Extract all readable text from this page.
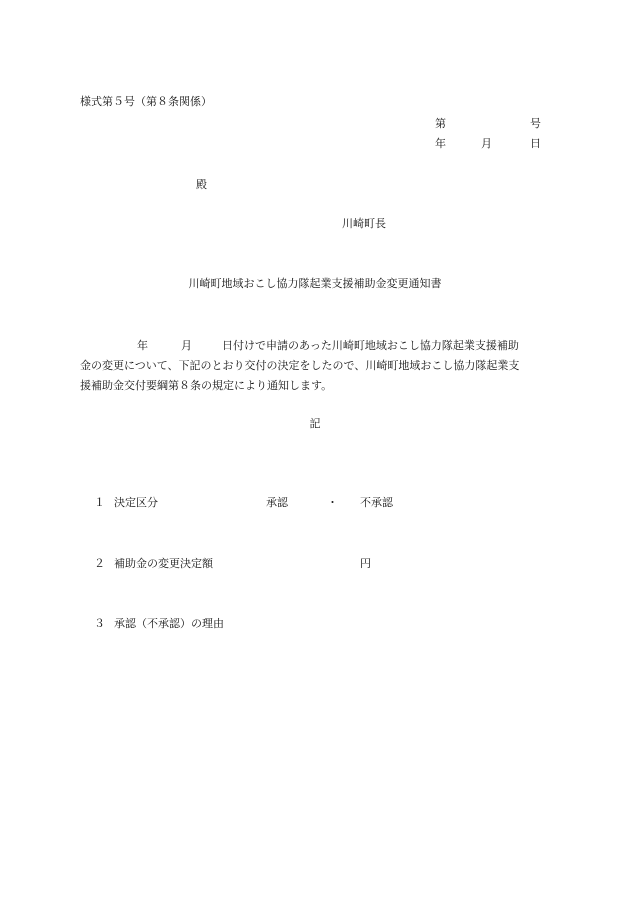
様式第５号（第８条関係）
第	号
年	月	日
殿
川崎町長
川崎町地域おこし協力隊起業支援補助金変更通知書
年	月	日付けで申請のあった川崎町地域おこし協力隊起業支援補助
金の変更について、下記のとおり交付の決定をしたので、川崎町地域おこし協力隊起業支
援補助金交付要綱第８条の規定により通知します。
記
１ 決定区分	承認	・ 不承認
２ 補助金の変更決定額	円
３ 承認（不承認）の理由
